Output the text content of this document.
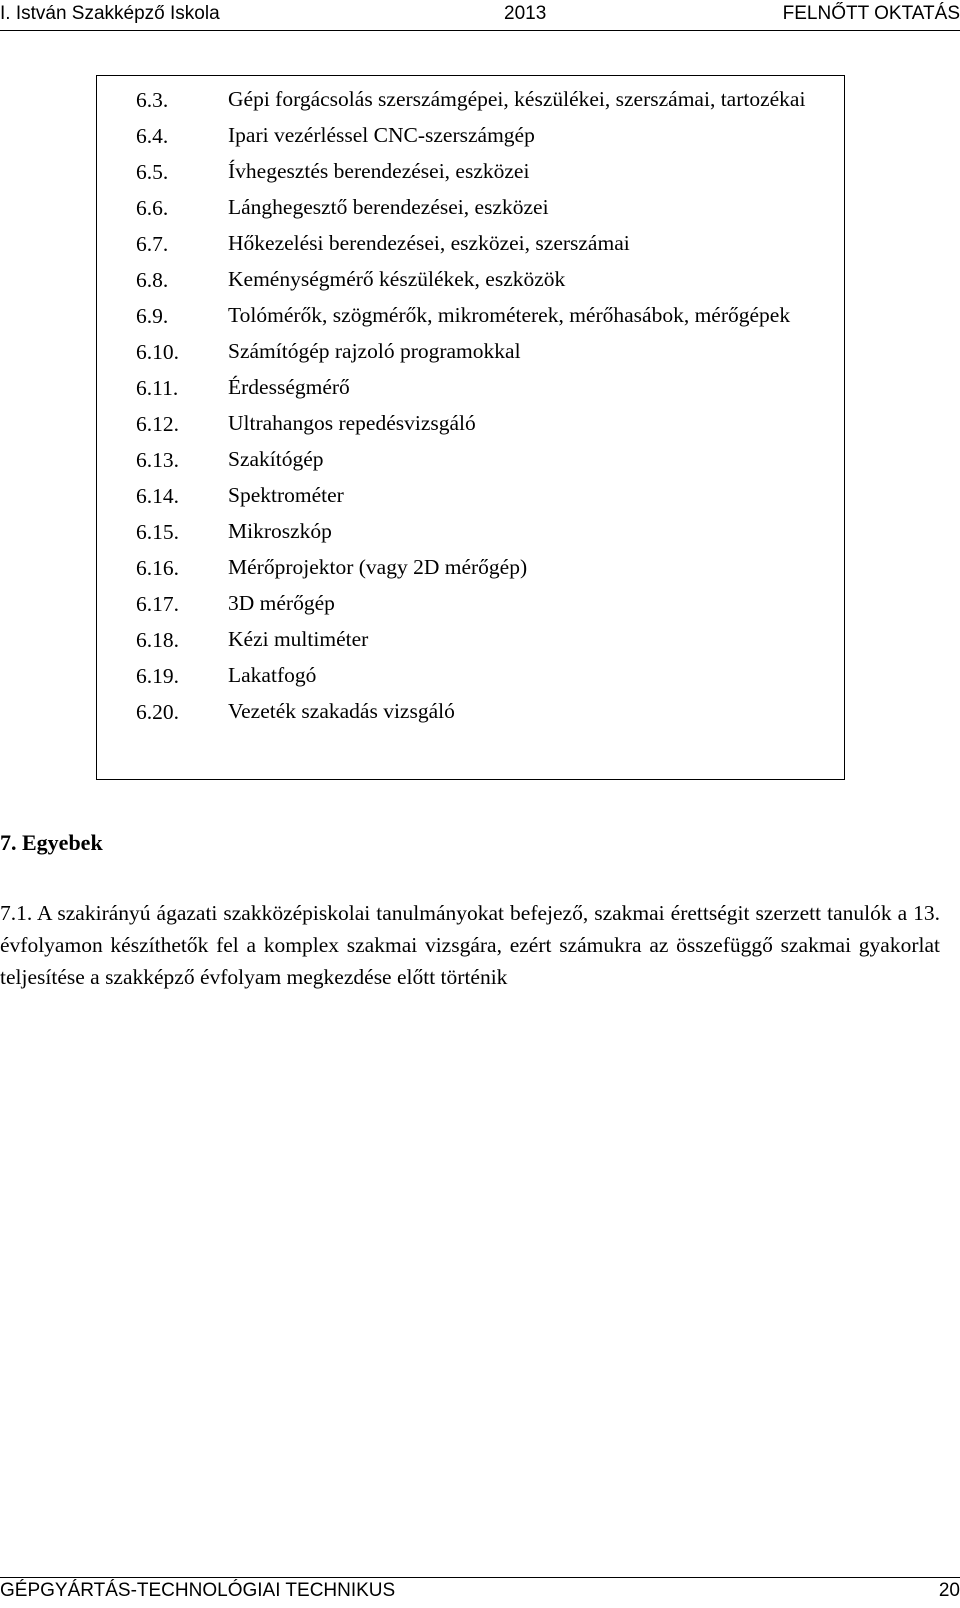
I. István Szakképző Iskola	2013	FELNŐTT OKTATÁS
6.3.	Gépi forgácsolás szerszámgépei, készülékei, szerszámai, tartozékai
6.4.	Ipari vezérléssel CNC-szerszámgép
6.5.	Ívhegesztés berendezései, eszközei
6.6.	Lánghegesztő berendezései, eszközei
6.7.	Hőkezelési berendezései, eszközei, szerszámai
6.8.	Keménységmérő készülékek, eszközök
6.9.	Tolómérők, szögmérők, mikrométerek, mérőhasábok, mérőgépek
6.10. Számítógép rajzoló programokkal
6.11. Érdességmérő
6.12. Ultrahangos repedésvizsgáló
6.13. Szakítógép
6.14. Spektrométer
6.15. Mikroszkóp
6.16. Mérőprojektor (vagy 2D mérőgép)
6.17. 3D mérőgép
6.18. Kézi multiméter
6.19. Lakatfogó
6.20. Vezeték szakadás vizsgáló
7. Egyebek

7.1. A szakirányú ágazati szakközépiskolai tanulmányokat befejező, szakmai érettségit szerzett tanulók a 13. évfolyamon készíthetők fel a komplex szakmai vizsgára, ezért számukra az összefüggő szakmai gyakorlat teljesítése a szakképző évfolyam megkezdése előtt történik

GÉPGYÁRTÁS-TECHNOLÓGIAI TECHNIKUS	20
